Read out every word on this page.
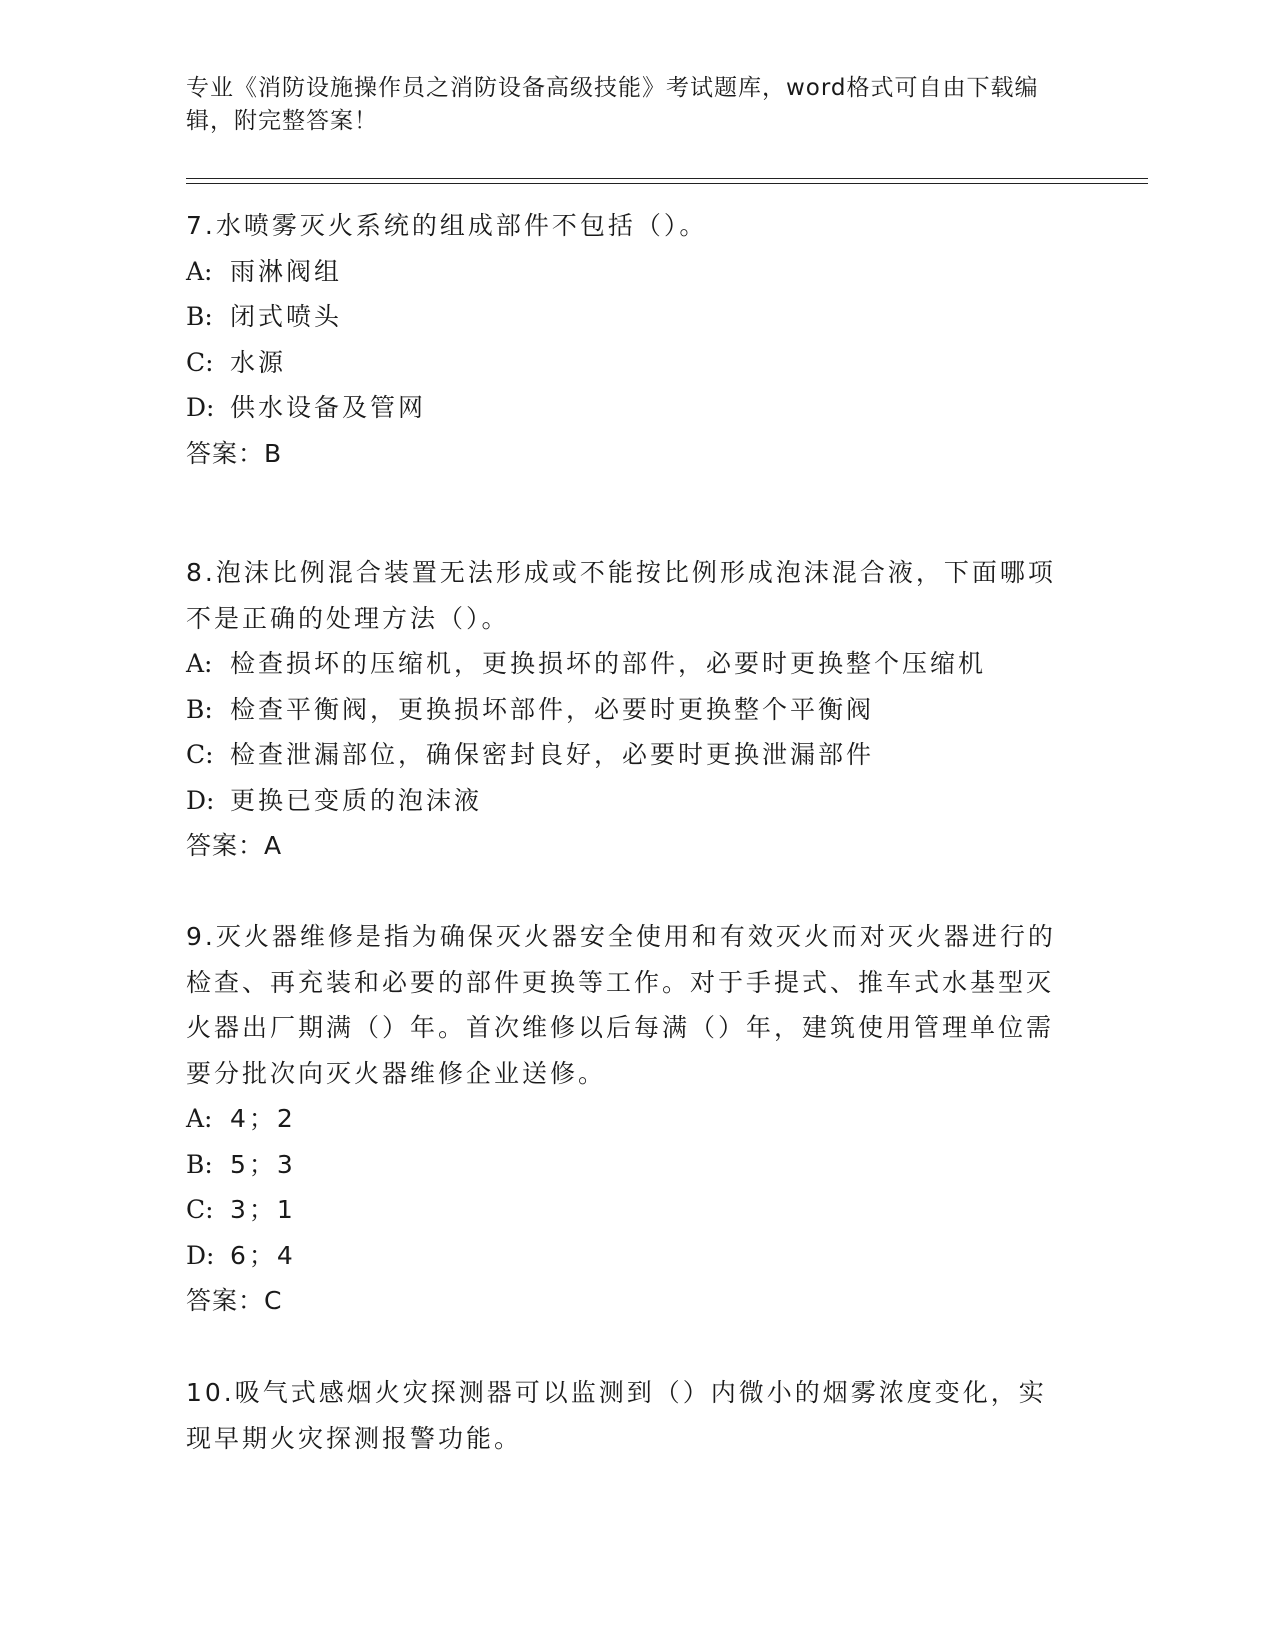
专业《消防设施操作员之消防设备高级技能》考试题库，word格式可自由下载编辑，附完整答案！

7.水喷雾灭火系统的组成部件不包括（）。

A: 雨淋阀组
B: 闭式喷头
C: 水源
D: 供水设备及管网
答案：B

8.泡沫比例混合装置无法形成或不能按比例形成泡沫混合液，下面哪项不是正确的处理方法（）。

A: 检查损坏的压缩机，更换损坏的部件，必要时更换整个压缩机
B: 检查平衡阀，更换损坏部件，必要时更换整个平衡阀
C: 检查泄漏部位，确保密封良好，必要时更换泄漏部件
D: 更换已变质的泡沫液
答案：A

9.灭火器维修是指为确保灭火器安全使用和有效灭火而对灭火器进行的检查、再充装和必要的部件更换等工作。对于手提式、推车式水基型灭火器出厂期满（）年。首次维修以后每满（）年，建筑使用管理单位需要分批次向灭火器维修企业送修。

A: 4；2
B: 5；3
C: 3；1
D: 6；4
答案：C

10.吸气式感烟火灾探测器可以监测到（）内微小的烟雾浓度变化，实现早期火灾探测报警功能。
